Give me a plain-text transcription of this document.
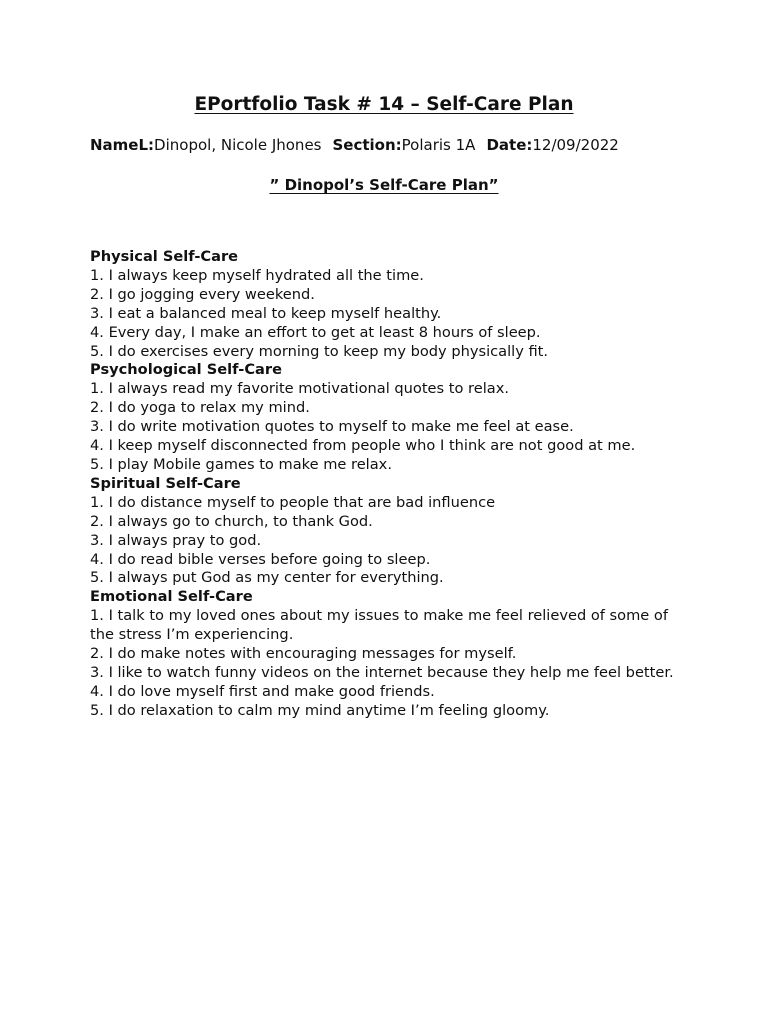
EPortfolio Task # 14 – Self-Care Plan
NameL:Dinopol, Nicole Jhones Section:Polaris 1A Date:12/09/2022
” Dinopol’s Self-Care Plan”
Physical Self-Care
1. I always keep myself hydrated all the time.
2. I go jogging every weekend.
3. I eat a balanced meal to keep myself healthy.
4. Every day, I make an effort to get at least 8 hours of sleep.
5. I do exercises every morning to keep my body physically fit.
Psychological Self-Care
1. I always read my favorite motivational quotes to relax.
2. I do yoga to relax my mind.
3. I do write motivation quotes to myself to make me feel at ease.
4. I keep myself disconnected from people who I think are not good at me.
5. I play Mobile games to make me relax.
Spiritual Self-Care
1. I do distance myself to people that are bad influence
2. I always go to church, to thank God.
3. I always pray to god.
4. I do read bible verses before going to sleep.
5. I always put God as my center for everything.
Emotional Self-Care
1. I talk to my loved ones about my issues to make me feel relieved of some of the stress I’m experiencing.
2. I do make notes with encouraging messages for myself.
3. I like to watch funny videos on the internet because they help me feel better.
4. I do love myself first and make good friends.
5. I do relaxation to calm my mind anytime I’m feeling gloomy.
